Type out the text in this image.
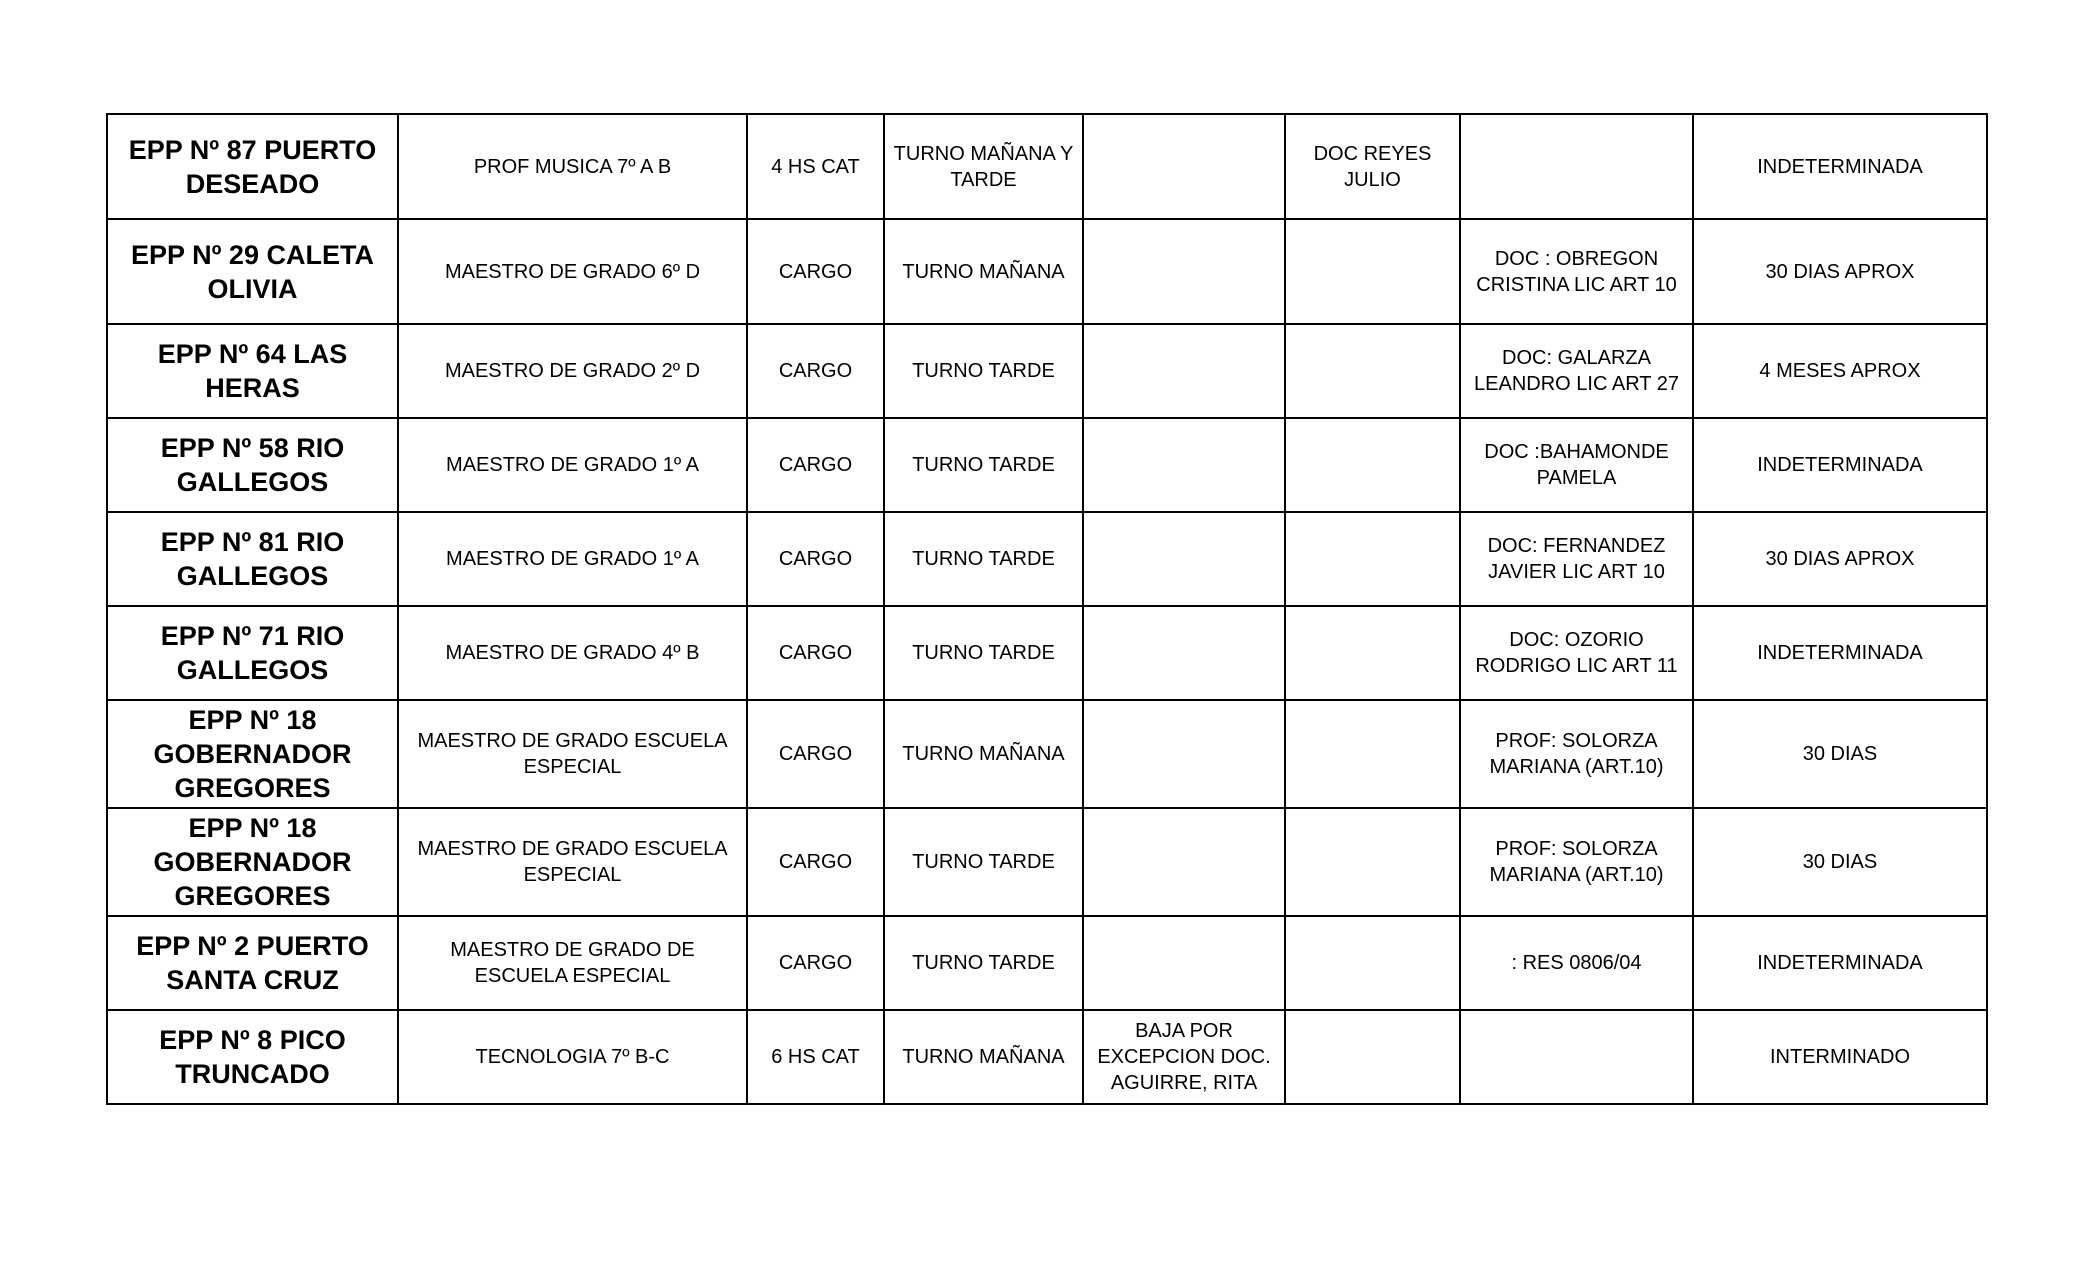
EPP Nº 87 PUERTO DESEADO	PROF MUSICA 7º A B	4 HS CAT	TURNO MAÑANA Y TARDE		DOC REYES JULIO		INDETERMINADA
EPP Nº 29 CALETA OLIVIA	MAESTRO DE GRADO 6º D	CARGO	TURNO MAÑANA			DOC : OBREGON CRISTINA LIC ART 10	30 DIAS APROX
EPP Nº 64 LAS HERAS	MAESTRO DE GRADO 2º D	CARGO	TURNO TARDE			DOC: GALARZA LEANDRO LIC ART 27	4 MESES APROX
EPP Nº 58 RIO GALLEGOS	MAESTRO DE GRADO 1º A	CARGO	TURNO TARDE			DOC :BAHAMONDE PAMELA	INDETERMINADA
EPP Nº 81 RIO GALLEGOS	MAESTRO DE GRADO 1º A	CARGO	TURNO TARDE			DOC: FERNANDEZ JAVIER LIC ART 10	30 DIAS APROX
EPP Nº 71 RIO GALLEGOS	MAESTRO DE GRADO 4º B	CARGO	TURNO TARDE			DOC: OZORIO RODRIGO LIC ART 11	INDETERMINADA
EPP Nº 18 GOBERNADOR GREGORES	MAESTRO DE GRADO ESCUELA ESPECIAL	CARGO	TURNO MAÑANA			PROF: SOLORZA MARIANA (ART.10)	30 DIAS
EPP Nº 18 GOBERNADOR GREGORES	MAESTRO DE GRADO ESCUELA ESPECIAL	CARGO	TURNO TARDE			PROF: SOLORZA MARIANA (ART.10)	30 DIAS
EPP Nº 2 PUERTO SANTA CRUZ	MAESTRO DE GRADO DE ESCUELA ESPECIAL	CARGO	TURNO TARDE			: RES 0806/04	INDETERMINADA
EPP Nº 8 PICO TRUNCADO	TECNOLOGIA 7º B-C	6 HS CAT	TURNO MAÑANA	BAJA POR EXCEPCION DOC. AGUIRRE, RITA			INTERMINADO
